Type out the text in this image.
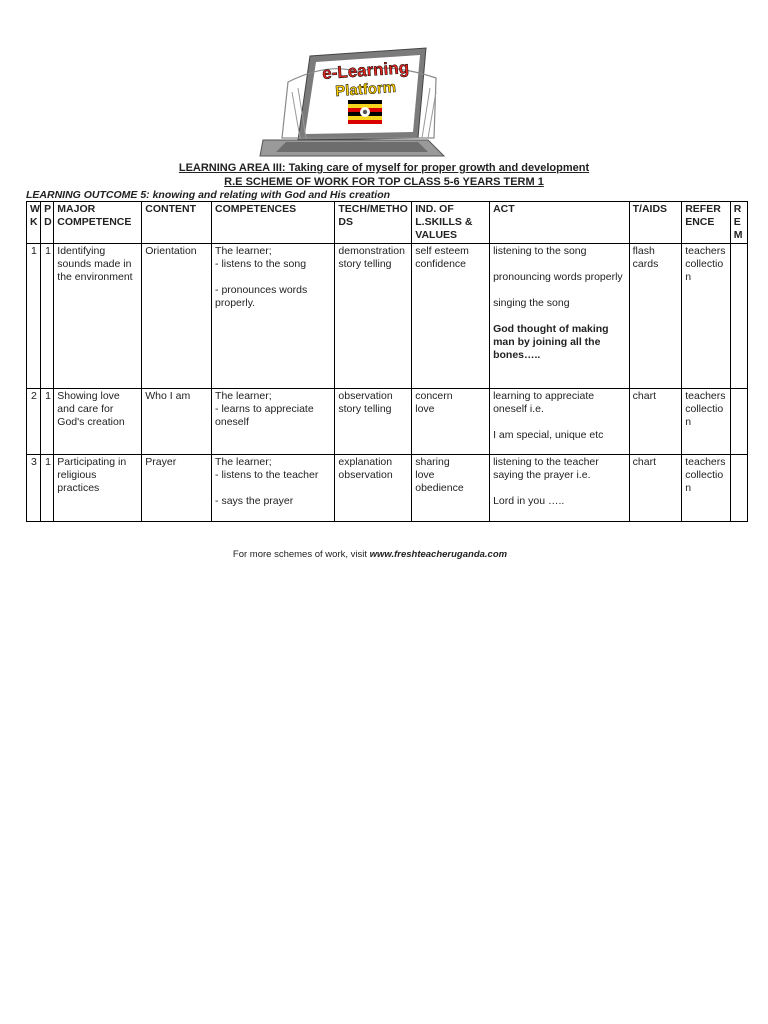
e-Learning
Platform
LEARNING AREA III: Taking care of myself for proper growth and development
R.E SCHEME OF WORK FOR TOP CLASS 5-6 YEARS TERM 1
LEARNING OUTCOME 5: knowing and relating with God and His creation
WK	PD	MAJOR COMPETENCE	CONTENT	COMPETENCES	TECH/METHODS	IND. OF L.SKILLS & VALUES	ACT	T/AIDS	REFERENCE	REM
1	1	Identifying sounds made in the environment	Orientation	The learner;
- listens to the song
- pronounces words properly.	demonstration
story telling	self esteem
confidence	listening to the song
pronouncing words properly
singing the song
God thought of making man by joining all the bones…..	flash cards	teachers collection	
2	1	Showing love and care for God's creation	Who I am	The learner;
- learns to appreciate oneself	observation
story telling	concern
love	learning to appreciate oneself i.e.
I am special, unique etc	chart	teachers collection	
3	1	Participating in religious practices	Prayer	The learner;
- listens to the teacher
- says the prayer	explanation
observation	sharing
love
obedience	listening to the teacher saying the prayer i.e.
Lord in you …..	chart	teachers collection	
For more schemes of work, visit www.freshteacheruganda.com
